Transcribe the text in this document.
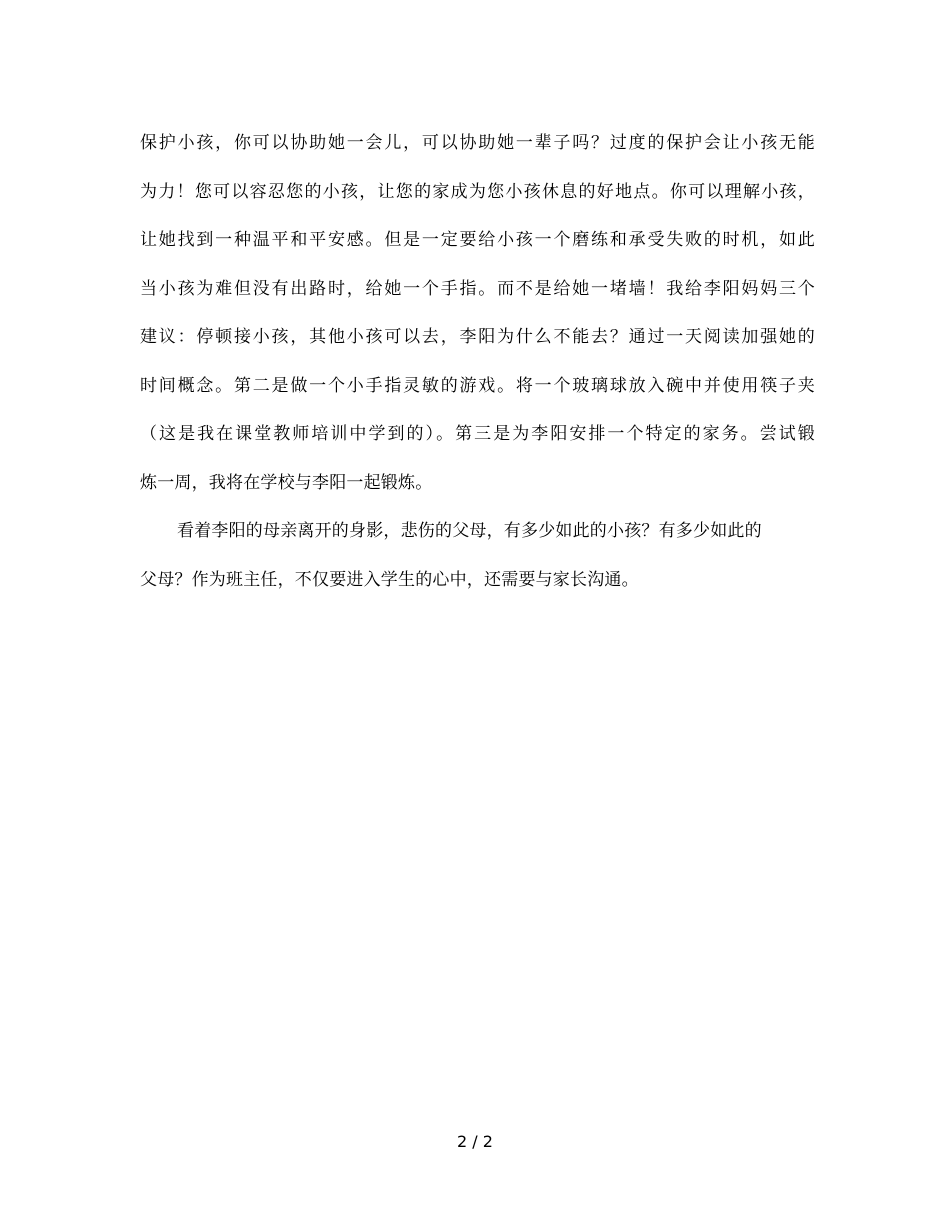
保护小孩，你可以协助她一会儿，可以协助她一辈子吗？过度的保护会让小孩无能
为力！您可以容忍您的小孩，让您的家成为您小孩休息的好地点。你可以理解小孩，
让她找到一种温平和平安感。但是一定要给小孩一个磨练和承受失败的时机，如此
当小孩为难但没有出路时，给她一个手指。而不是给她一堵墙！我给李阳妈妈三个
建议：停顿接小孩，其他小孩可以去，李阳为什么不能去？通过一天阅读加强她的
时间概念。第二是做一个小手指灵敏的游戏。将一个玻璃球放入碗中并使用筷子夹
（这是我在课堂教师培训中学到的）。第三是为李阳安排一个特定的家务。尝试锻
炼一周，我将在学校与李阳一起锻炼。
看着李阳的母亲离开的身影，悲伤的父母，有多少如此的小孩？有多少如此的
父母？作为班主任，不仅要进入学生的心中，还需要与家长沟通。
2 / 2
